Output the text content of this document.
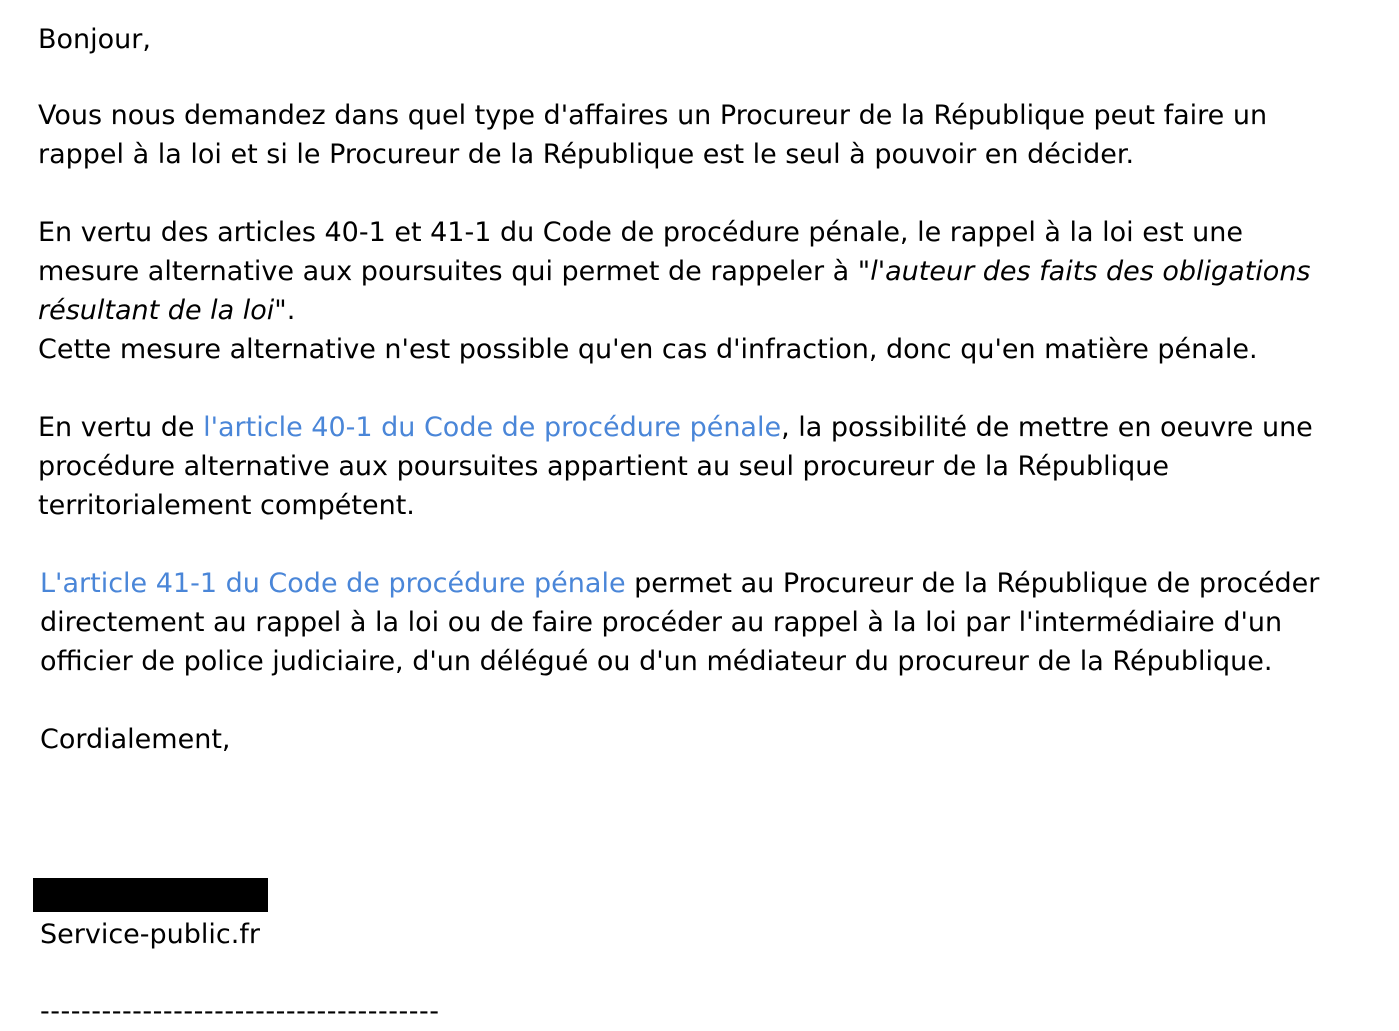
Bonjour,
Vous nous demandez dans quel type d'affaires un Procureur de la République peut faire un
rappel à la loi et si le Procureur de la République est le seul à pouvoir en décider.
En vertu des articles 40-1 et 41-1 du Code de procédure pénale, le rappel à la loi est une
mesure alternative aux poursuites qui permet de rappeler à "l'auteur des faits des obligations
résultant de la loi".
Cette mesure alternative n'est possible qu'en cas d'infraction, donc qu'en matière pénale.
En vertu de l'article 40-1 du Code de procédure pénale, la possibilité de mettre en oeuvre une
procédure alternative aux poursuites appartient au seul procureur de la République
territorialement compétent.
L'article 41-1 du Code de procédure pénale permet au Procureur de la République de procéder
directement au rappel à la loi ou de faire procéder au rappel à la loi par l'intermédiaire d'un
officier de police judiciaire, d'un délégué ou d'un médiateur du procureur de la République.
Cordialement,
Service-public.fr
---------------------------------------
